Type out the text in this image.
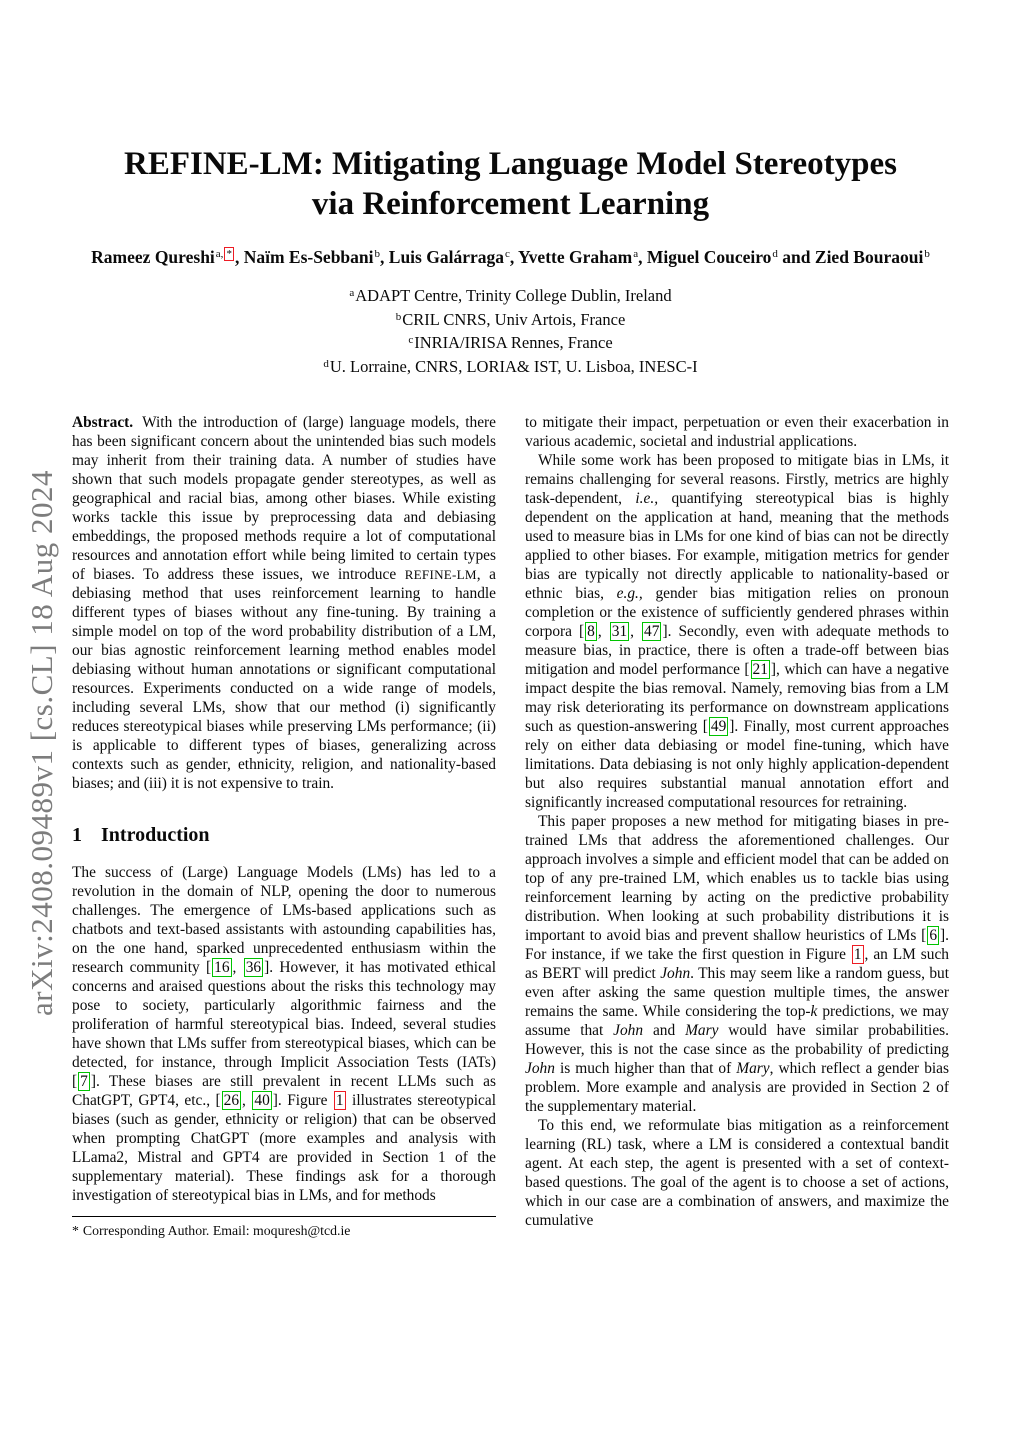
arXiv:2408.09489v1 [cs.CL] 18 Aug 2024
REFINE-LM: Mitigating Language Model Stereotypes
via Reinforcement Learning
Rameez Qureshi$^{a,}$ * , Naïm Es-Sebbani$^b$, Luis Galárraga$^c$, Yvette Graham$^a$, Miguel Couceiro$^d$ and Zied Bouraoui$^b$
$^a$ADAPT Centre, Trinity College Dublin, Ireland
$^b$CRIL CNRS, Univ Artois, France
$^c$INRIA/IRISA Rennes, France
$^d$U. Lorraine, CNRS, LORIA& IST, U. Lisboa, INESC-I

Abstract. With the introduction of (large) language models, there has been significant concern about the unintended bias such models may inherit from their training data. A number of studies have shown that such models propagate gender stereotypes, as well as geographical and racial bias, among other biases. While existing works tackle this issue by preprocessing data and debiasing embeddings, the proposed methods require a lot of computational resources and annotation effort while being limited to certain types of biases. To address these issues, we introduce REFINE-LM, a debiasing method that uses reinforcement learning to handle different types of biases without any fine-tuning. By training a simple model on top of the word probability distribution of a LM, our bias agnostic reinforcement learning method enables model debiasing without human annotations or significant computational resources. Experiments conducted on a wide range of models, including several LMs, show that our method (i) significantly reduces stereotypical biases while preserving LMs performance; (ii) is applicable to different types of biases, generalizing across contexts such as gender, ethnicity, religion, and nationality-based biases; and (iii) it is not expensive to train.

1 Introduction

The success of (Large) Language Models (LMs) has led to a revolution in the domain of NLP, opening the door to numerous challenges. The emergence of LMs-based applications such as chatbots and text-based assistants with astounding capabilities has, on the one hand, sparked unprecedented enthusiasm within the research community [ 16 , 36 ]. However, it has motivated ethical concerns and araised questions about the risks this technology may pose to society, particularly algorithmic fairness and the proliferation of harmful stereotypical bias. Indeed, several studies have shown that LMs suffer from stereotypical biases, which can be detected, for instance, through Implicit Association Tests (IATs) [ 7 ]. These biases are still prevalent in recent LLMs such as ChatGPT, GPT4, etc., [ 26 , 40 ]. Figure 1 illustrates stereotypical biases (such as gender, ethnicity or religion) that can be observed when prompting ChatGPT (more examples and analysis with LLama2, Mistral and GPT4 are provided in Section 1 of the supplementary material). These findings ask for a thorough investigation of stereotypical bias in LMs, and for methods

* Corresponding Author. Email: moquresh@tcd.ie

to mitigate their impact, perpetuation or even their exacerbation in various academic, societal and industrial applications.

While some work has been proposed to mitigate bias in LMs, it remains challenging for several reasons. Firstly, metrics are highly task-dependent, i.e., quantifying stereotypical bias is highly dependent on the application at hand, meaning that the methods used to measure bias in LMs for one kind of bias can not be directly applied to other biases. For example, mitigation metrics for gender bias are typically not directly applicable to nationality-based or ethnic bias, e.g., gender bias mitigation relies on pronoun completion or the existence of sufficiently gendered phrases within corpora [ 8 , 31 , 47 ]. Secondly, even with adequate methods to measure bias, in practice, there is often a trade-off between bias mitigation and model performance [ 21 ], which can have a negative impact despite the bias removal. Namely, removing bias from a LM may risk deteriorating its performance on downstream applications such as question-answering [ 49 ]. Finally, most current approaches rely on either data debiasing or model fine-tuning, which have limitations. Data debiasing is not only highly application-dependent but also requires substantial manual annotation effort and significantly increased computational resources for retraining.

This paper proposes a new method for mitigating biases in pre-trained LMs that address the aforementioned challenges. Our approach involves a simple and efficient model that can be added on top of any pre-trained LM, which enables us to tackle bias using reinforcement learning by acting on the predictive probability distribution. When looking at such probability distributions it is important to avoid bias and prevent shallow heuristics of LMs [ 6 ]. For instance, if we take the first question in Figure 1 , an LM such as BERT will predict John. This may seem like a random guess, but even after asking the same question multiple times, the answer remains the same. While considering the top-k predictions, we may assume that John and Mary would have similar probabilities. However, this is not the case since as the probability of predicting John is much higher than that of Mary, which reflect a gender bias problem. More example and analysis are provided in Section 2 of the supplementary material.

To this end, we reformulate bias mitigation as a reinforcement learning (RL) task, where a LM is considered a contextual bandit agent. At each step, the agent is presented with a set of context-based questions. The goal of the agent is to choose a set of actions, which in our case are a combination of answers, and maximize the cumulative
